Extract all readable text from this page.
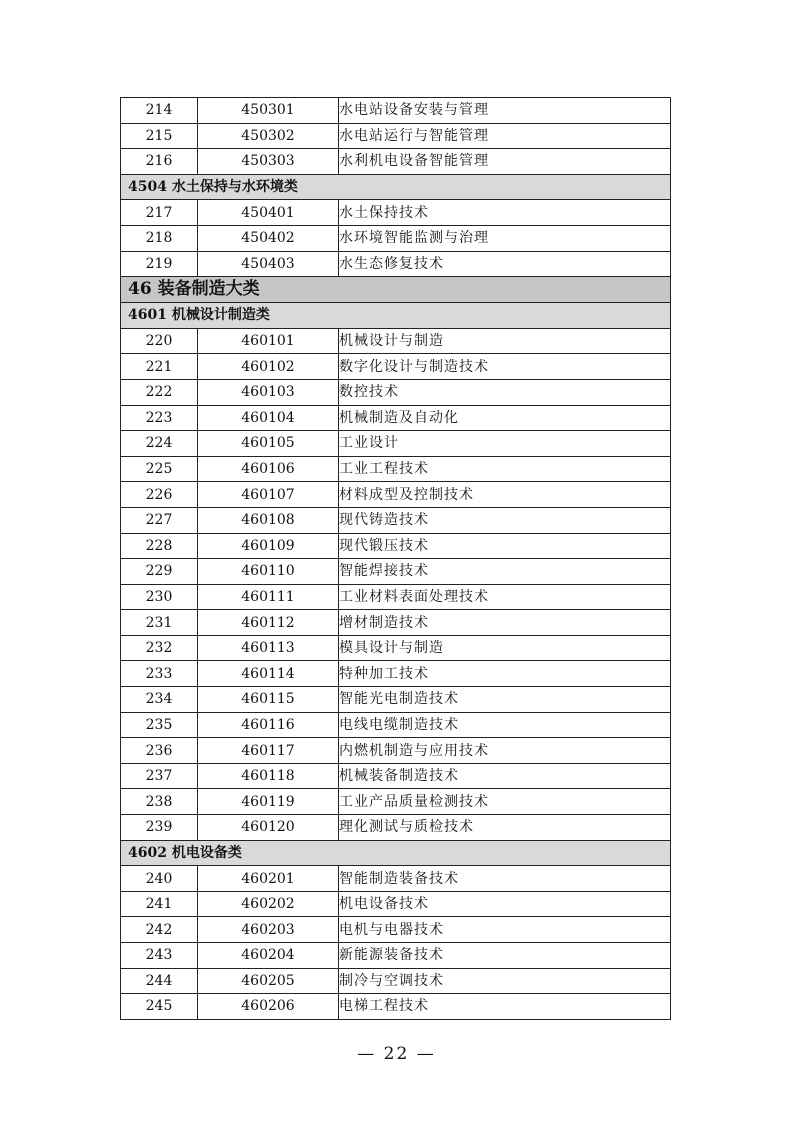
214	450301	水电站设备安装与管理
215	450302	水电站运行与智能管理
216	450303	水利机电设备智能管理
4504 水土保持与水环境类		
217	450401	水土保持技术
218	450402	水环境智能监测与治理
219	450403	水生态修复技术
46 装备制造大类		
4601 机械设计制造类		
220	460101	机械设计与制造
221	460102	数字化设计与制造技术
222	460103	数控技术
223	460104	机械制造及自动化
224	460105	工业设计
225	460106	工业工程技术
226	460107	材料成型及控制技术
227	460108	现代铸造技术
228	460109	现代锻压技术
229	460110	智能焊接技术
230	460111	工业材料表面处理技术
231	460112	增材制造技术
232	460113	模具设计与制造
233	460114	特种加工技术
234	460115	智能光电制造技术
235	460116	电线电缆制造技术
236	460117	内燃机制造与应用技术
237	460118	机械装备制造技术
238	460119	工业产品质量检测技术
239	460120	理化测试与质检技术
4602 机电设备类		
240	460201	智能制造装备技术
241	460202	机电设备技术
242	460203	电机与电器技术
243	460204	新能源装备技术
244	460205	制冷与空调技术
245	460206	电梯工程技术
— 22 —
